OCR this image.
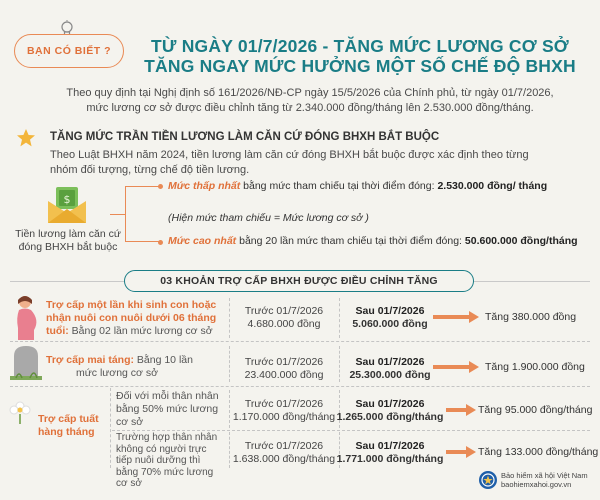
BẠN CÓ BIẾT ?	TỪ NGÀY 01/7/2026 - TĂNG MỨC LƯƠNG CƠ SỞ
TĂNG NGAY MỨC HƯỞNG MỘT SỐ CHẾ ĐỘ BHXH
Theo quy định tại Nghị định số 161/2026/NĐ-CP ngày 15/5/2026 của Chính phủ, từ ngày 01/7/2026,
mức lương cơ sở được điều chỉnh tăng từ 2.340.000 đồng/tháng lên 2.530.000 đồng/tháng.
TĂNG MỨC TRẦN TIỀN LƯƠNG LÀM CĂN CỨ ĐÓNG BHXH BẮT BUỘC
Theo Luật BHXH năm 2024, tiền lương làm căn cứ đóng BHXH bắt buộc được xác định theo từng
nhóm đối tượng, từng chế độ tiền lương.
$
Tiền lương làm căn cứ
đóng BHXH bắt buộc
Mức thấp nhất bằng mức tham chiếu tại thời điểm đóng: 2.530.000 đồng/ tháng
(Hiện mức tham chiếu = Mức lương cơ sở )
Mức cao nhất bằng 20 lần mức tham chiếu tại thời điểm đóng: 50.600.000 đồng/tháng
03 KHOẢN TRỢ CẤP BHXH ĐƯỢC ĐIỀU CHỈNH TĂNG
Trợ cấp một lần khi sinh con hoặc
nhận nuôi con nuôi dưới 06 tháng
tuổi: Bằng 02 lần mức lương cơ sở
Trước 01/7/2026
4.680.000 đồng
Sau 01/7/2026
5.060.000 đồng
Tăng 380.000 đồng
Trợ cấp mai táng: Bằng 10 lần
mức lương cơ sở
Trước 01/7/2026
23.400.000 đồng
Sau 01/7/2026
25.300.000 đồng
Tăng 1.900.000 đồng
Trợ cấp tuất
hàng tháng
Đối với mỗi thân nhân
bằng 50% mức lương
cơ sở
Trước 01/7/2026
1.170.000 đồng/tháng
Sau 01/7/2026
1.265.000 đồng/tháng
Tăng 95.000 đồng/tháng
Trường hợp thân nhân
không có người trực
tiếp nuôi dưỡng thì
bằng 70% mức lương
cơ sở
Trước 01/7/2026
1.638.000 đồng/tháng
Sau 01/7/2026
1.771.000 đồng/tháng
Tăng 133.000 đồng/tháng
Bảo hiểm xã hội Việt Nam
baohiemxahoi.gov.vn
